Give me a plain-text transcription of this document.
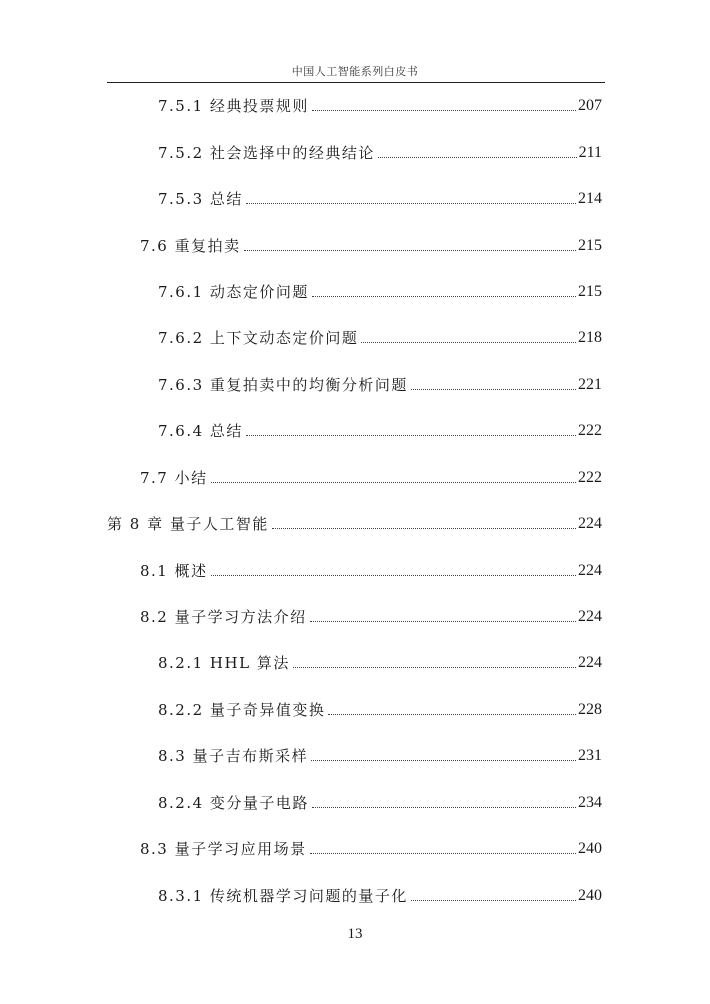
中国人工智能系列白皮书
7.5.1 经典投票规则	207
7.5.2 社会选择中的经典结论	211
7.5.3 总结	214
7.6 重复拍卖	215
7.6.1 动态定价问题	215
7.6.2 上下文动态定价问题	218
7.6.3 重复拍卖中的均衡分析问题	221
7.6.4 总结	222
7.7 小结	222
第 8 章 量子人工智能	224
8.1 概述	224
8.2 量子学习方法介绍	224
8.2.1 HHL 算法	224
8.2.2 量子奇异值变换	228
8.3 量子吉布斯采样	231
8.2.4 变分量子电路	234
8.3 量子学习应用场景	240
8.3.1 传统机器学习问题的量子化	240
13
